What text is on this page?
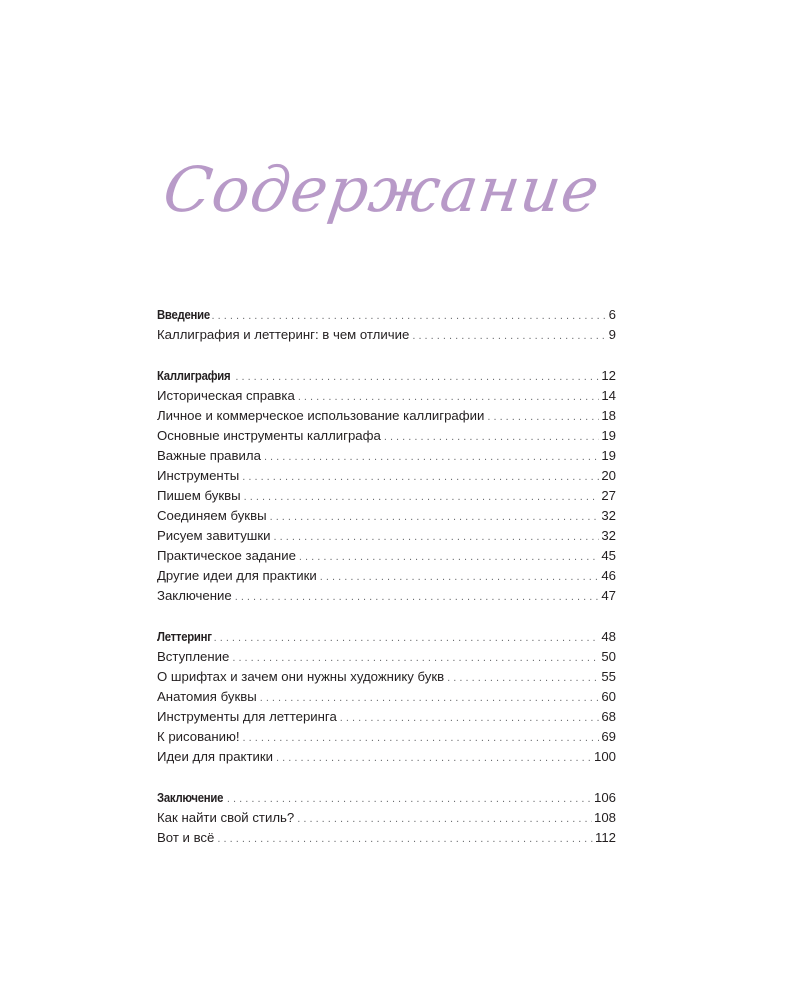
Содержание
Введение . . .	6
Каллиграфия и леттеринг: в чем отличие . . .	9
Каллиграфия . . .	12
Историческая справка . . .	14
Личное и коммерческое использование каллиграфии . . .	18
Основные инструменты каллиграфа . . .	19
Важные правила . . .	19
Инструменты . . .	20
Пишем буквы . . .	27
Соединяем буквы . . .	32
Рисуем завитушки . . .	32
Практическое задание . . .	45
Другие идеи для практики . . .	46
Заключение . . .	47
Леттеринг . . .	48
Вступление . . .	50
О шрифтах и зачем они нужны художнику букв . . .	55
Анатомия буквы . . .	60
Инструменты для леттеринга . . .	68
К рисованию! . . .	69
Идеи для практики . . .	100
Заключение . . .	106
Как найти свой стиль? . . .	108
Вот и всё . . .	112
